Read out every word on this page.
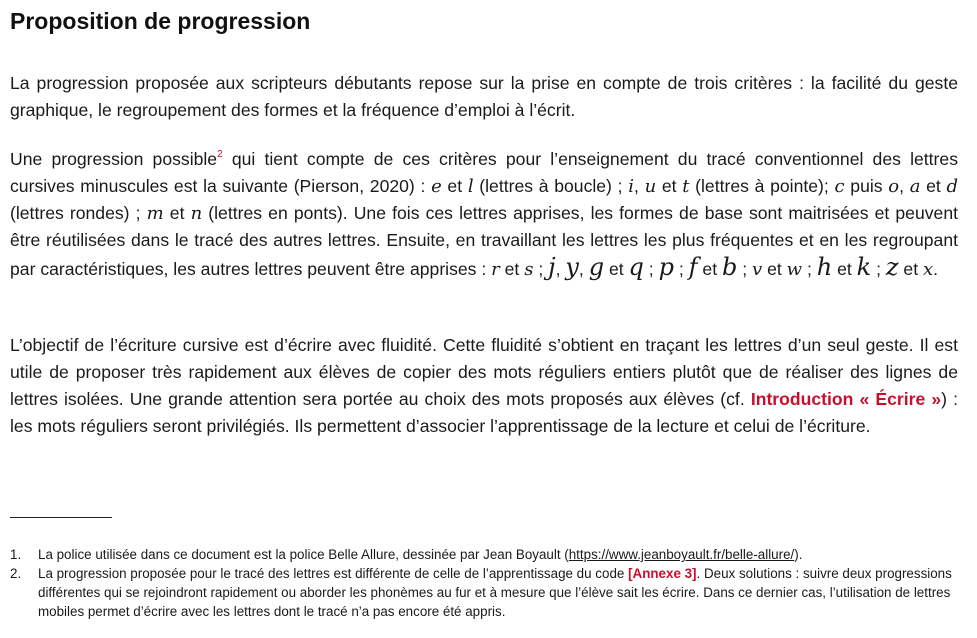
Proposition de progression

La progression proposée aux scripteurs débutants repose sur la prise en compte de trois critères : la facilité du geste graphique, le regroupement des formes et la fréquence d’emploi à l’écrit.

Une progression possible$^2$ qui tient compte de ces critères pour l’enseignement du tracé conventionnel des lettres cursives minuscules est la suivante (Pierson, 2020) : e et l (lettres à boucle) ; i, u et t (lettres à pointe); c puis o, a et d (lettres rondes) ; m et n (lettres en ponts). Une fois ces lettres apprises, les formes de base sont maitrisées et peuvent être réutilisées dans le tracé des autres lettres. Ensuite, en travaillant les lettres les plus fréquentes et en les regroupant par caractéristiques, les autres lettres peuvent être apprises : r et s ; j, y, g et q ; p ; f et b ; v et w ; h et k ; z et x.

L’objectif de l’écriture cursive est d’écrire avec fluidité. Cette fluidité s’obtient en traçant les lettres d’un seul geste. Il est utile de proposer très rapidement aux élèves de copier des mots réguliers entiers plutôt que de réaliser des lignes de lettres isolées. Une grande attention sera portée au choix des mots proposés aux élèves (cf. Introduction « Écrire ») : les mots réguliers seront privilégiés. Ils permettent d’associer l’apprentissage de la lecture et celui de l’écriture.

1. La police utilisée dans ce document est la police Belle Allure, dessinée par Jean Boyault (https://www.jeanboyault.fr/belle-allure/).
2. La progression proposée pour le tracé des lettres est différente de celle de l’apprentissage du code [Annexe 3]. Deux solutions : suivre deux progressions différentes qui se rejoindront rapidement ou aborder les phonèmes au fur et à mesure que l’élève sait les écrire. Dans ce dernier cas, l’utilisation de lettres mobiles permet d’écrire avec les lettres dont le tracé n’a pas encore été appris.
